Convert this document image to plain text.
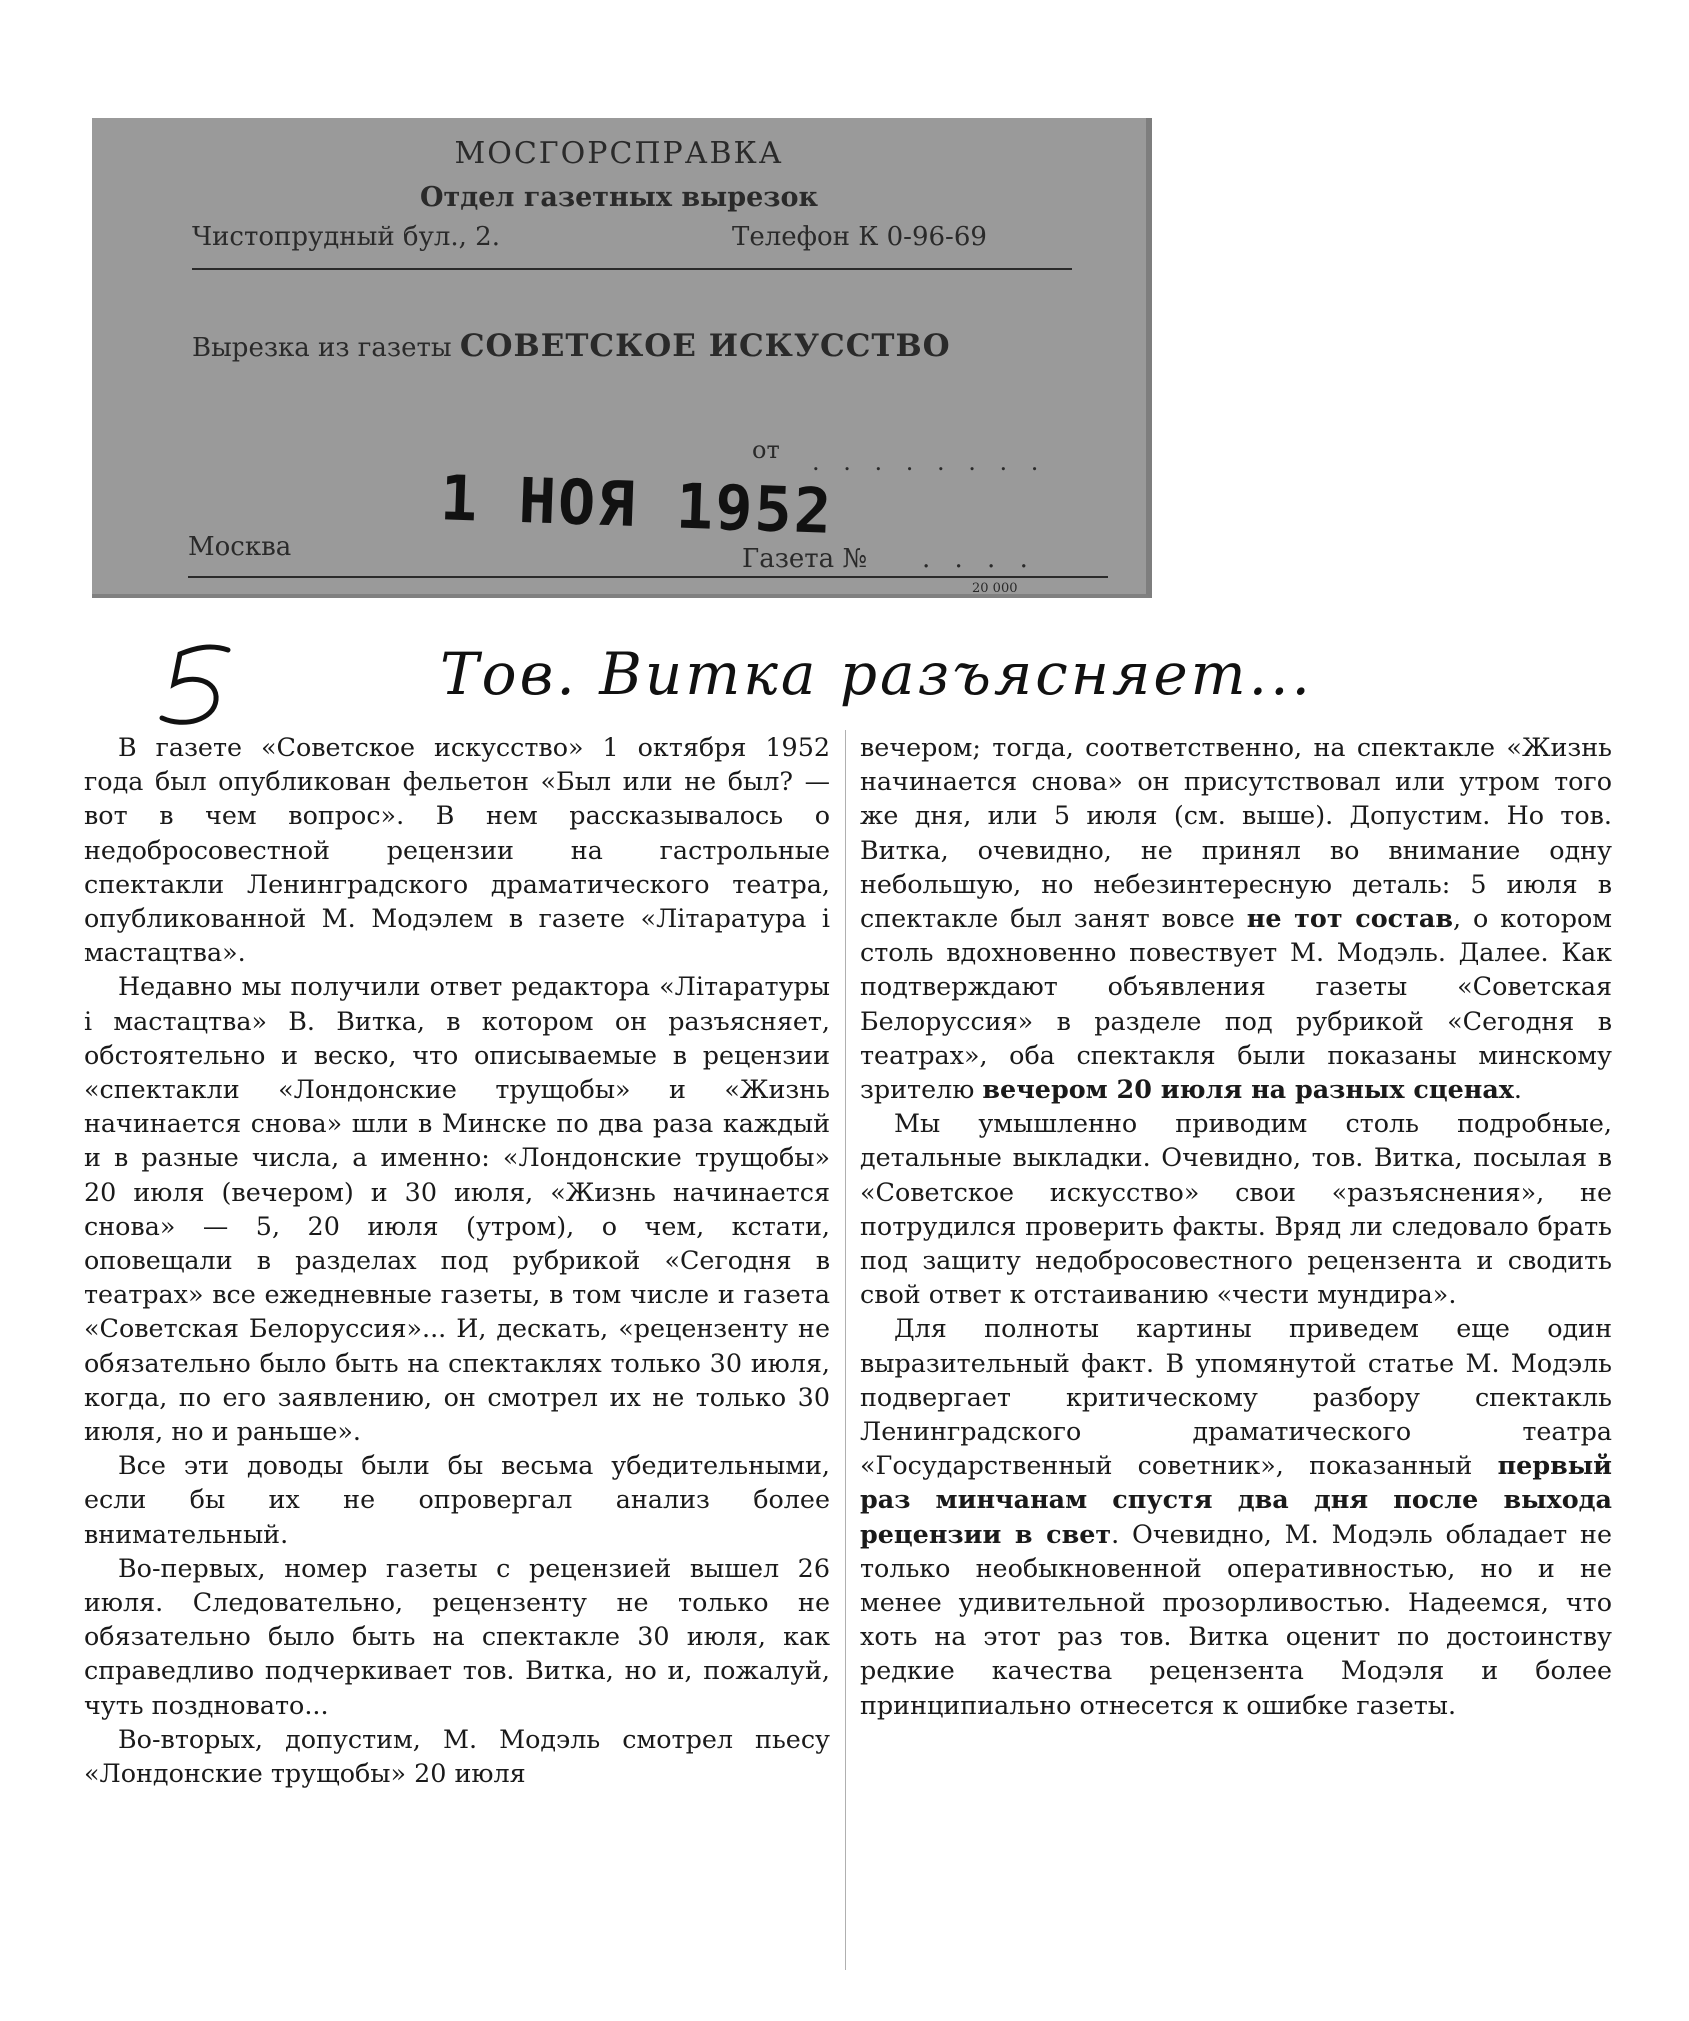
МОСГОРСПРАВКА
Отдел газетных вырезок
Чистопрудный бул., 2.	Телефон К 0-96-69
Вырезка из газеты СОВЕТСКОЕ ИСКУССТВО
от . . . . . . . .
1 НОЯ 1952
Москва	Газета № . . . .
20 000
Тов. Витка разъясняет...

В газете «Советское искусство» 1 октября 1952 года был опубликован фельетон «Был или не был? — вот в чем вопрос». В нем рассказывалось о недобросовестной рецензии на гастрольные спектакли Ленинградского драматического театра, опубликованной М. Модэлем в газете «Літаратура і мастацтва».

Недавно мы получили ответ редактора «Літаратуры і мастацтва» В. Витка, в котором он разъясняет, обстоятельно и веско, что описываемые в рецензии «спектакли «Лондонские трущобы» и «Жизнь начинается снова» шли в Минске по два раза каждый и в разные числа, а именно: «Лондонские трущобы» 20 июля (вечером) и 30 июля, «Жизнь начинается снова» — 5, 20 июля (утром), о чем, кстати, оповещали в разделах под рубрикой «Сегодня в театрах» все ежедневные газеты, в том числе и газета «Советская Белоруссия»... И, дескать, «рецензенту не обязательно было быть на спектаклях только 30 июля, когда, по его заявлению, он смотрел их не только 30 июля, но и раньше».

Все эти доводы были бы весьма убедительными, если бы их не опровергал анализ более внимательный.

Во-первых, номер газеты с рецензией вышел 26 июля. Следовательно, рецензенту не только не обязательно было быть на спектакле 30 июля, как справедливо подчеркивает тов. Витка, но и, пожалуй, чуть поздновато...

Во-вторых, допустим, М. Модэль смотрел пьесу «Лондонские трущобы» 20 июля

вечером; тогда, соответственно, на спектакле «Жизнь начинается снова» он присутствовал или утром того же дня, или 5 июля (см. выше). Допустим. Но тов. Витка, очевидно, не принял во внимание одну небольшую, но небезинтересную деталь: 5 июля в спектакле был занят вовсе не тот состав, о котором столь вдохновенно повествует М. Модэль. Далее. Как подтверждают объявления газеты «Советская Белоруссия» в разделе под рубрикой «Сегодня в театрах», оба спектакля были показаны минскому зрителю вечером 20 июля на разных сценах.

Мы умышленно приводим столь подробные, детальные выкладки. Очевидно, тов. Витка, посылая в «Советское искусство» свои «разъяснения», не потрудился проверить факты. Вряд ли следовало брать под защиту недобросовестного рецензента и сводить свой ответ к отстаиванию «чести мундира».

Для полноты картины приведем еще один выразительный факт. В упомянутой статье М. Модэль подвергает критическому разбору спектакль Ленинградского драматического театра «Государственный советник», показанный первый раз минчанам спустя два дня после выхода рецензии в свет. Очевидно, М. Модэль обладает не только необыкновенной оперативностью, но и не менее удивительной прозорливостью. Надеемся, что хоть на этот раз тов. Витка оценит по достоинству редкие качества рецензента Модэля и более принципиально отнесется к ошибке газеты.
